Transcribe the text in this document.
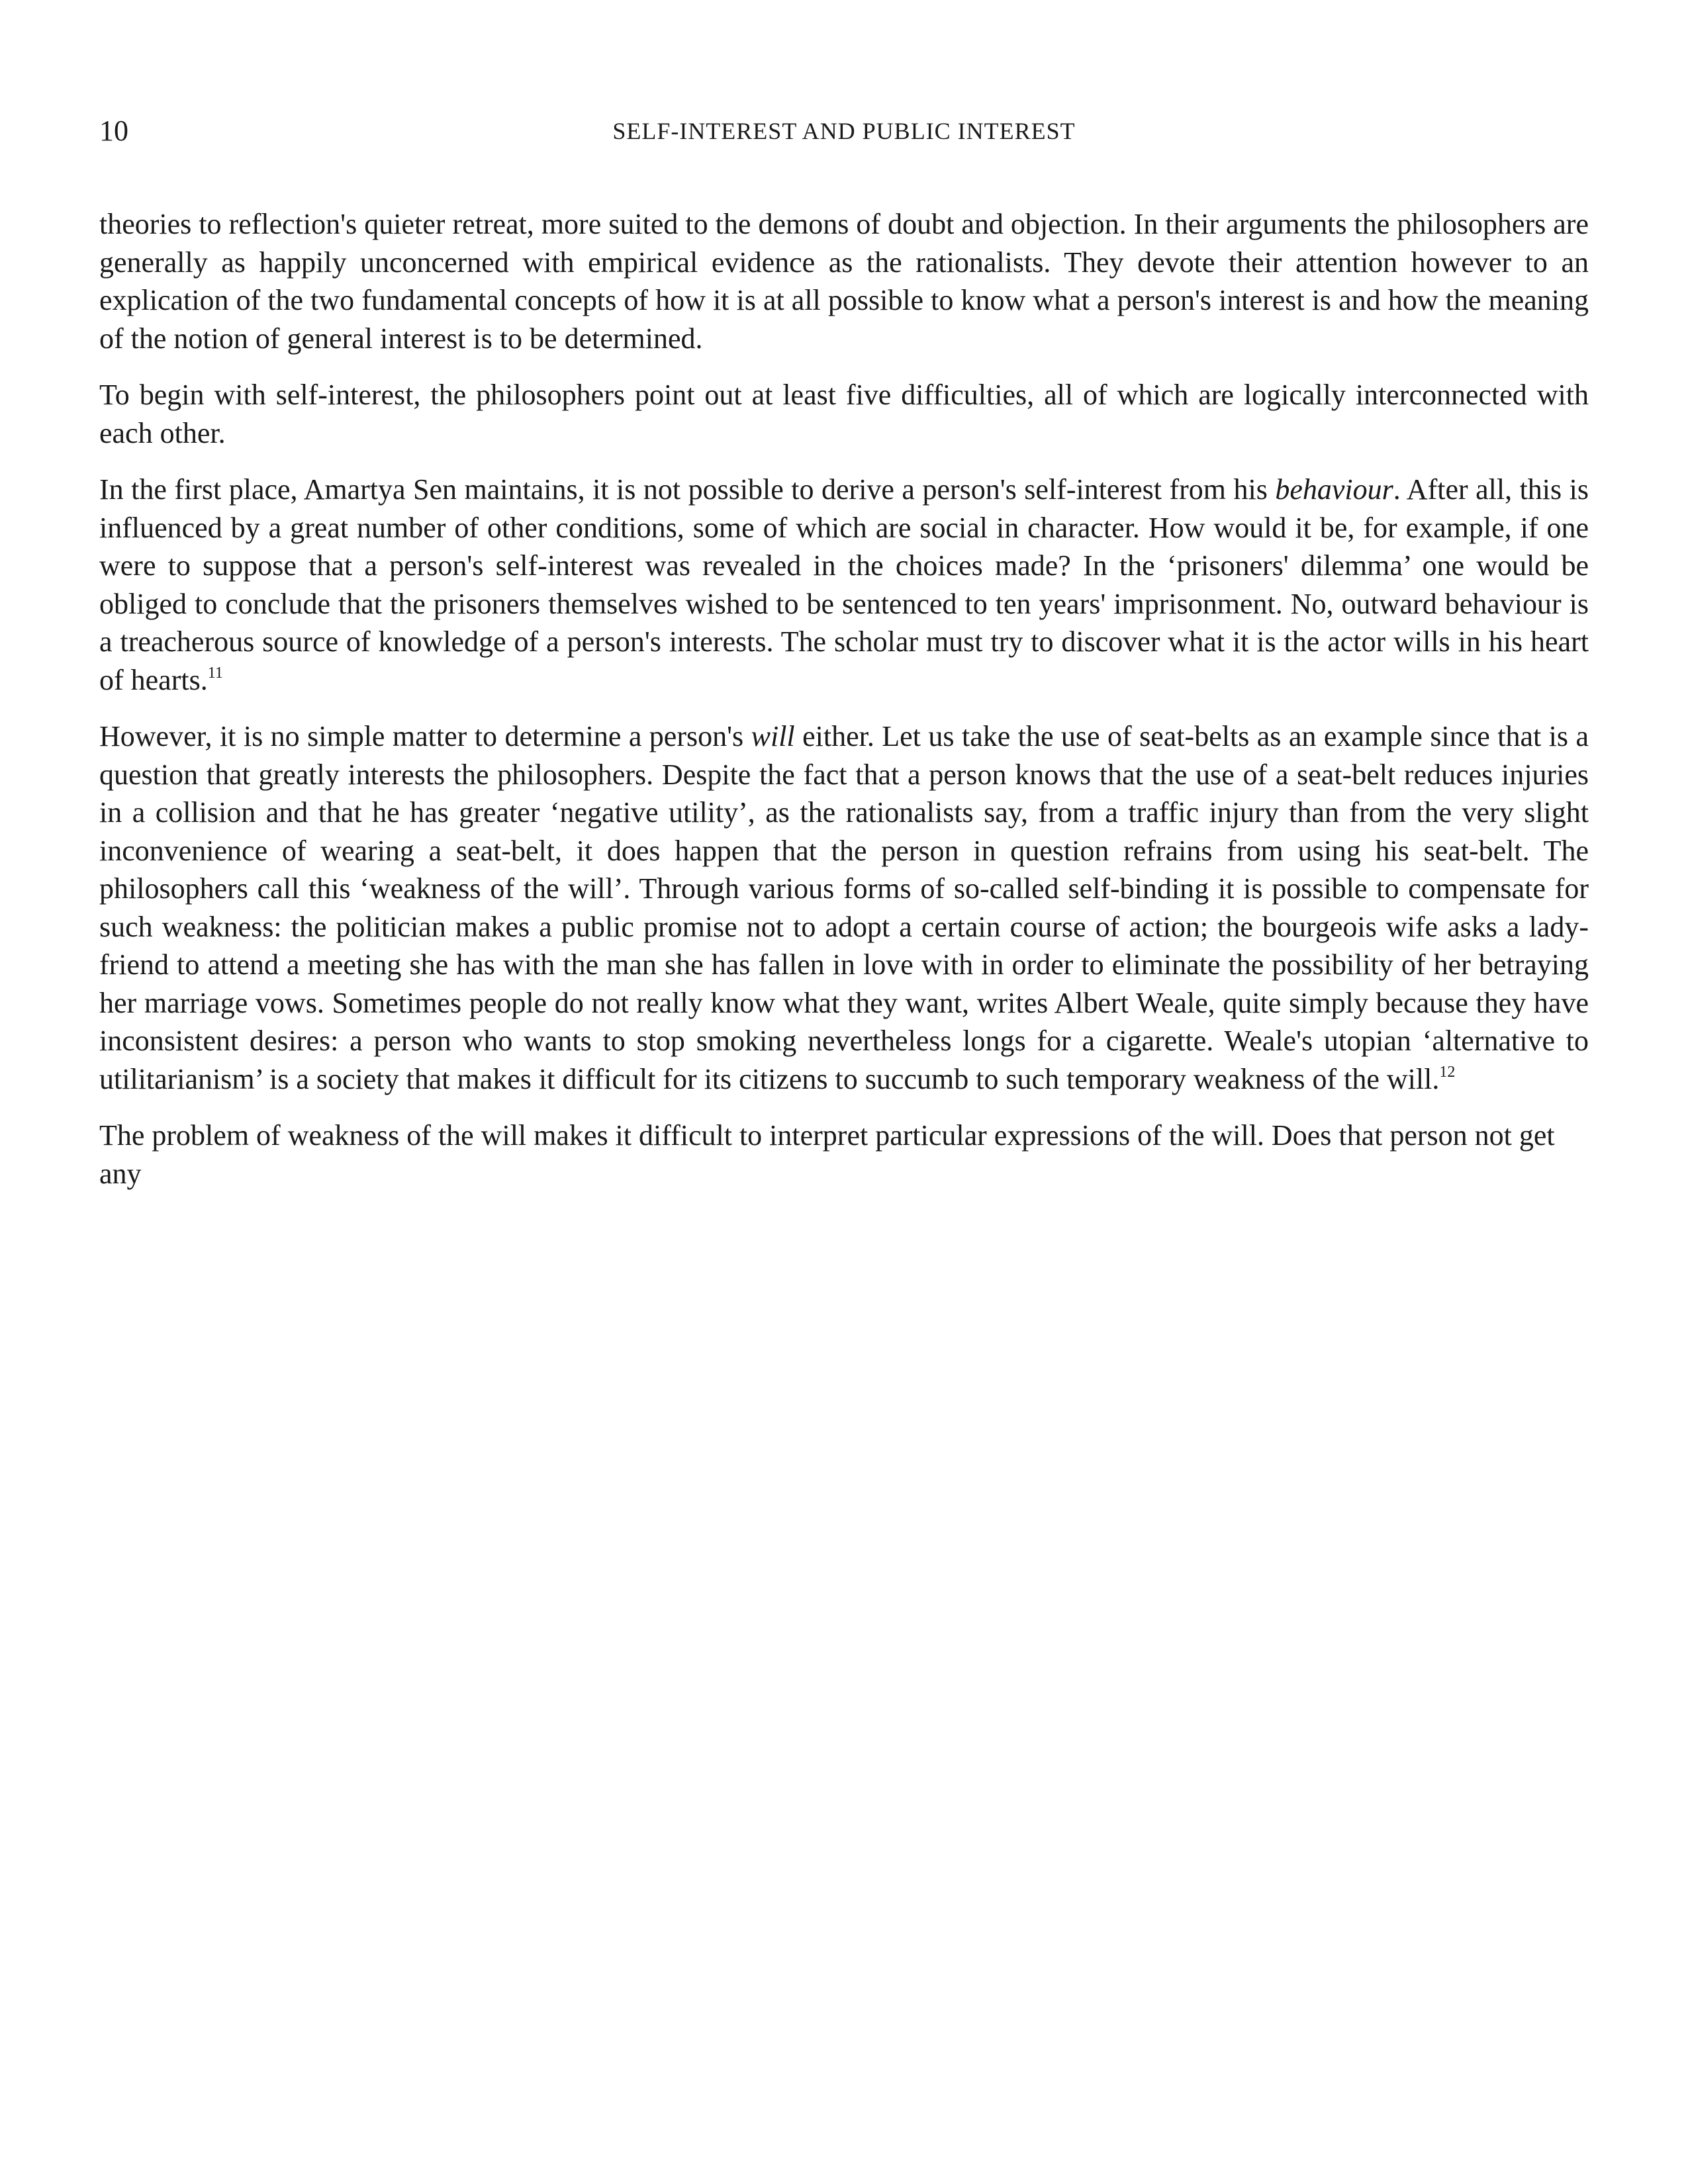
10	SELF-INTEREST AND PUBLIC INTEREST

theories to reflection's quieter retreat, more suited to the demons of doubt and objection. In their arguments the philosophers are generally as happily unconcerned with empirical evidence as the rationalists. They devote their attention however to an explication of the two fundamental concepts of how it is at all possible to know what a person's interest is and how the meaning of the notion of general interest is to be determined.

To begin with self-interest, the philosophers point out at least five difficulties, all of which are logically interconnected with each other.

In the first place, Amartya Sen maintains, it is not possible to derive a person's self-interest from his behaviour. After all, this is influenced by a great number of other conditions, some of which are social in character. How would it be, for example, if one were to suppose that a person's self-interest was revealed in the choices made? In the ‘prisoners' dilemma’ one would be obliged to conclude that the prisoners themselves wished to be sentenced to ten years' imprisonment. No, outward behaviour is a treacherous source of knowledge of a person's interests. The scholar must try to discover what it is the actor wills in his heart of hearts.$^{11}$

However, it is no simple matter to determine a person's will either. Let us take the use of seat-belts as an example since that is a question that greatly interests the philosophers. Despite the fact that a person knows that the use of a seat-belt reduces injuries in a collision and that he has greater ‘negative utility’, as the rationalists say, from a traffic injury than from the very slight inconvenience of wearing a seat-belt, it does happen that the person in question refrains from using his seat-belt. The philosophers call this ‘weakness of the will’. Through various forms of so-called self-binding it is possible to compensate for such weakness: the politician makes a public promise not to adopt a certain course of action; the bourgeois wife asks a lady-friend to attend a meeting she has with the man she has fallen in love with in order to eliminate the possibility of her betraying her marriage vows. Sometimes people do not really know what they want, writes Albert Weale, quite simply because they have inconsistent desires: a person who wants to stop smoking nevertheless longs for a cigarette. Weale's utopian ‘alternative to utilitarianism’ is a society that makes it difficult for its citizens to succumb to such temporary weakness of the will.$^{12}$

The problem of weakness of the will makes it difficult to interpret particular expressions of the will. Does that person not get any
